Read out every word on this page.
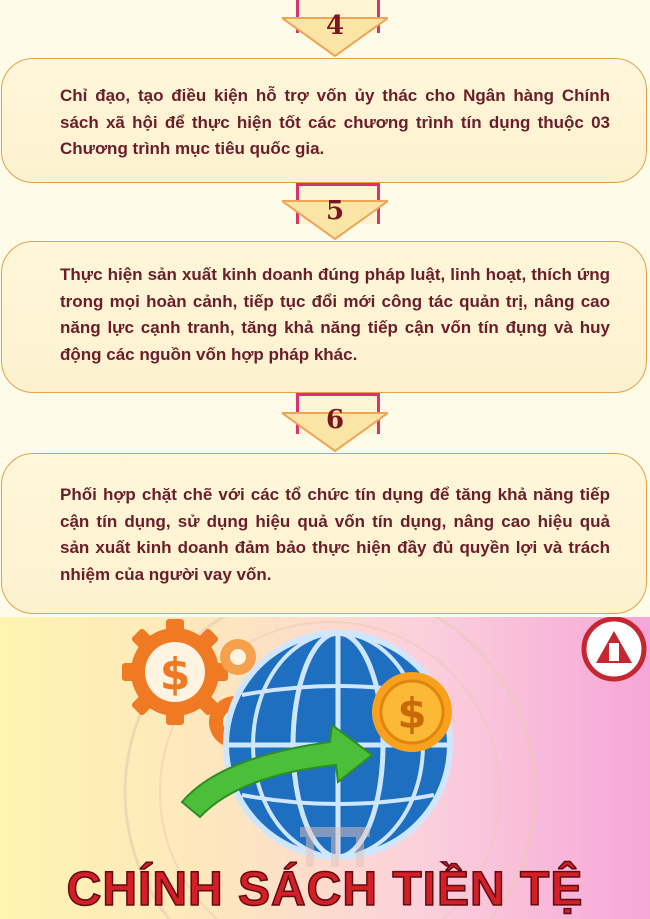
4

Chỉ đạo, tạo điều kiện hỗ trợ vốn ủy thác cho Ngân hàng Chính sách xã hội để thực hiện tốt các chương trình tín dụng thuộc 03 Chương trình mục tiêu quốc gia.

5

Thực hiện sản xuất kinh doanh đúng pháp luật, linh hoạt, thích ứng trong mọi hoàn cảnh, tiếp tục đổi mới công tác quản trị, nâng cao năng lực cạnh tranh, tăng khả năng tiếp cận vốn tín đụng và huy động các nguồn vốn hợp pháp khác.

6

Phối hợp chặt chẽ với các tổ chức tín dụng để tăng khả năng tiếp cận tín dụng, sử dụng hiệu quả vốn tín dụng, nâng cao hiệu quả sản xuất kinh doanh đảm bảo thực hiện đầy đủ quyền lợi và trách nhiệm của người vay vốn.

$
$
CHÍNH SÁCH TIỀN TỆ
